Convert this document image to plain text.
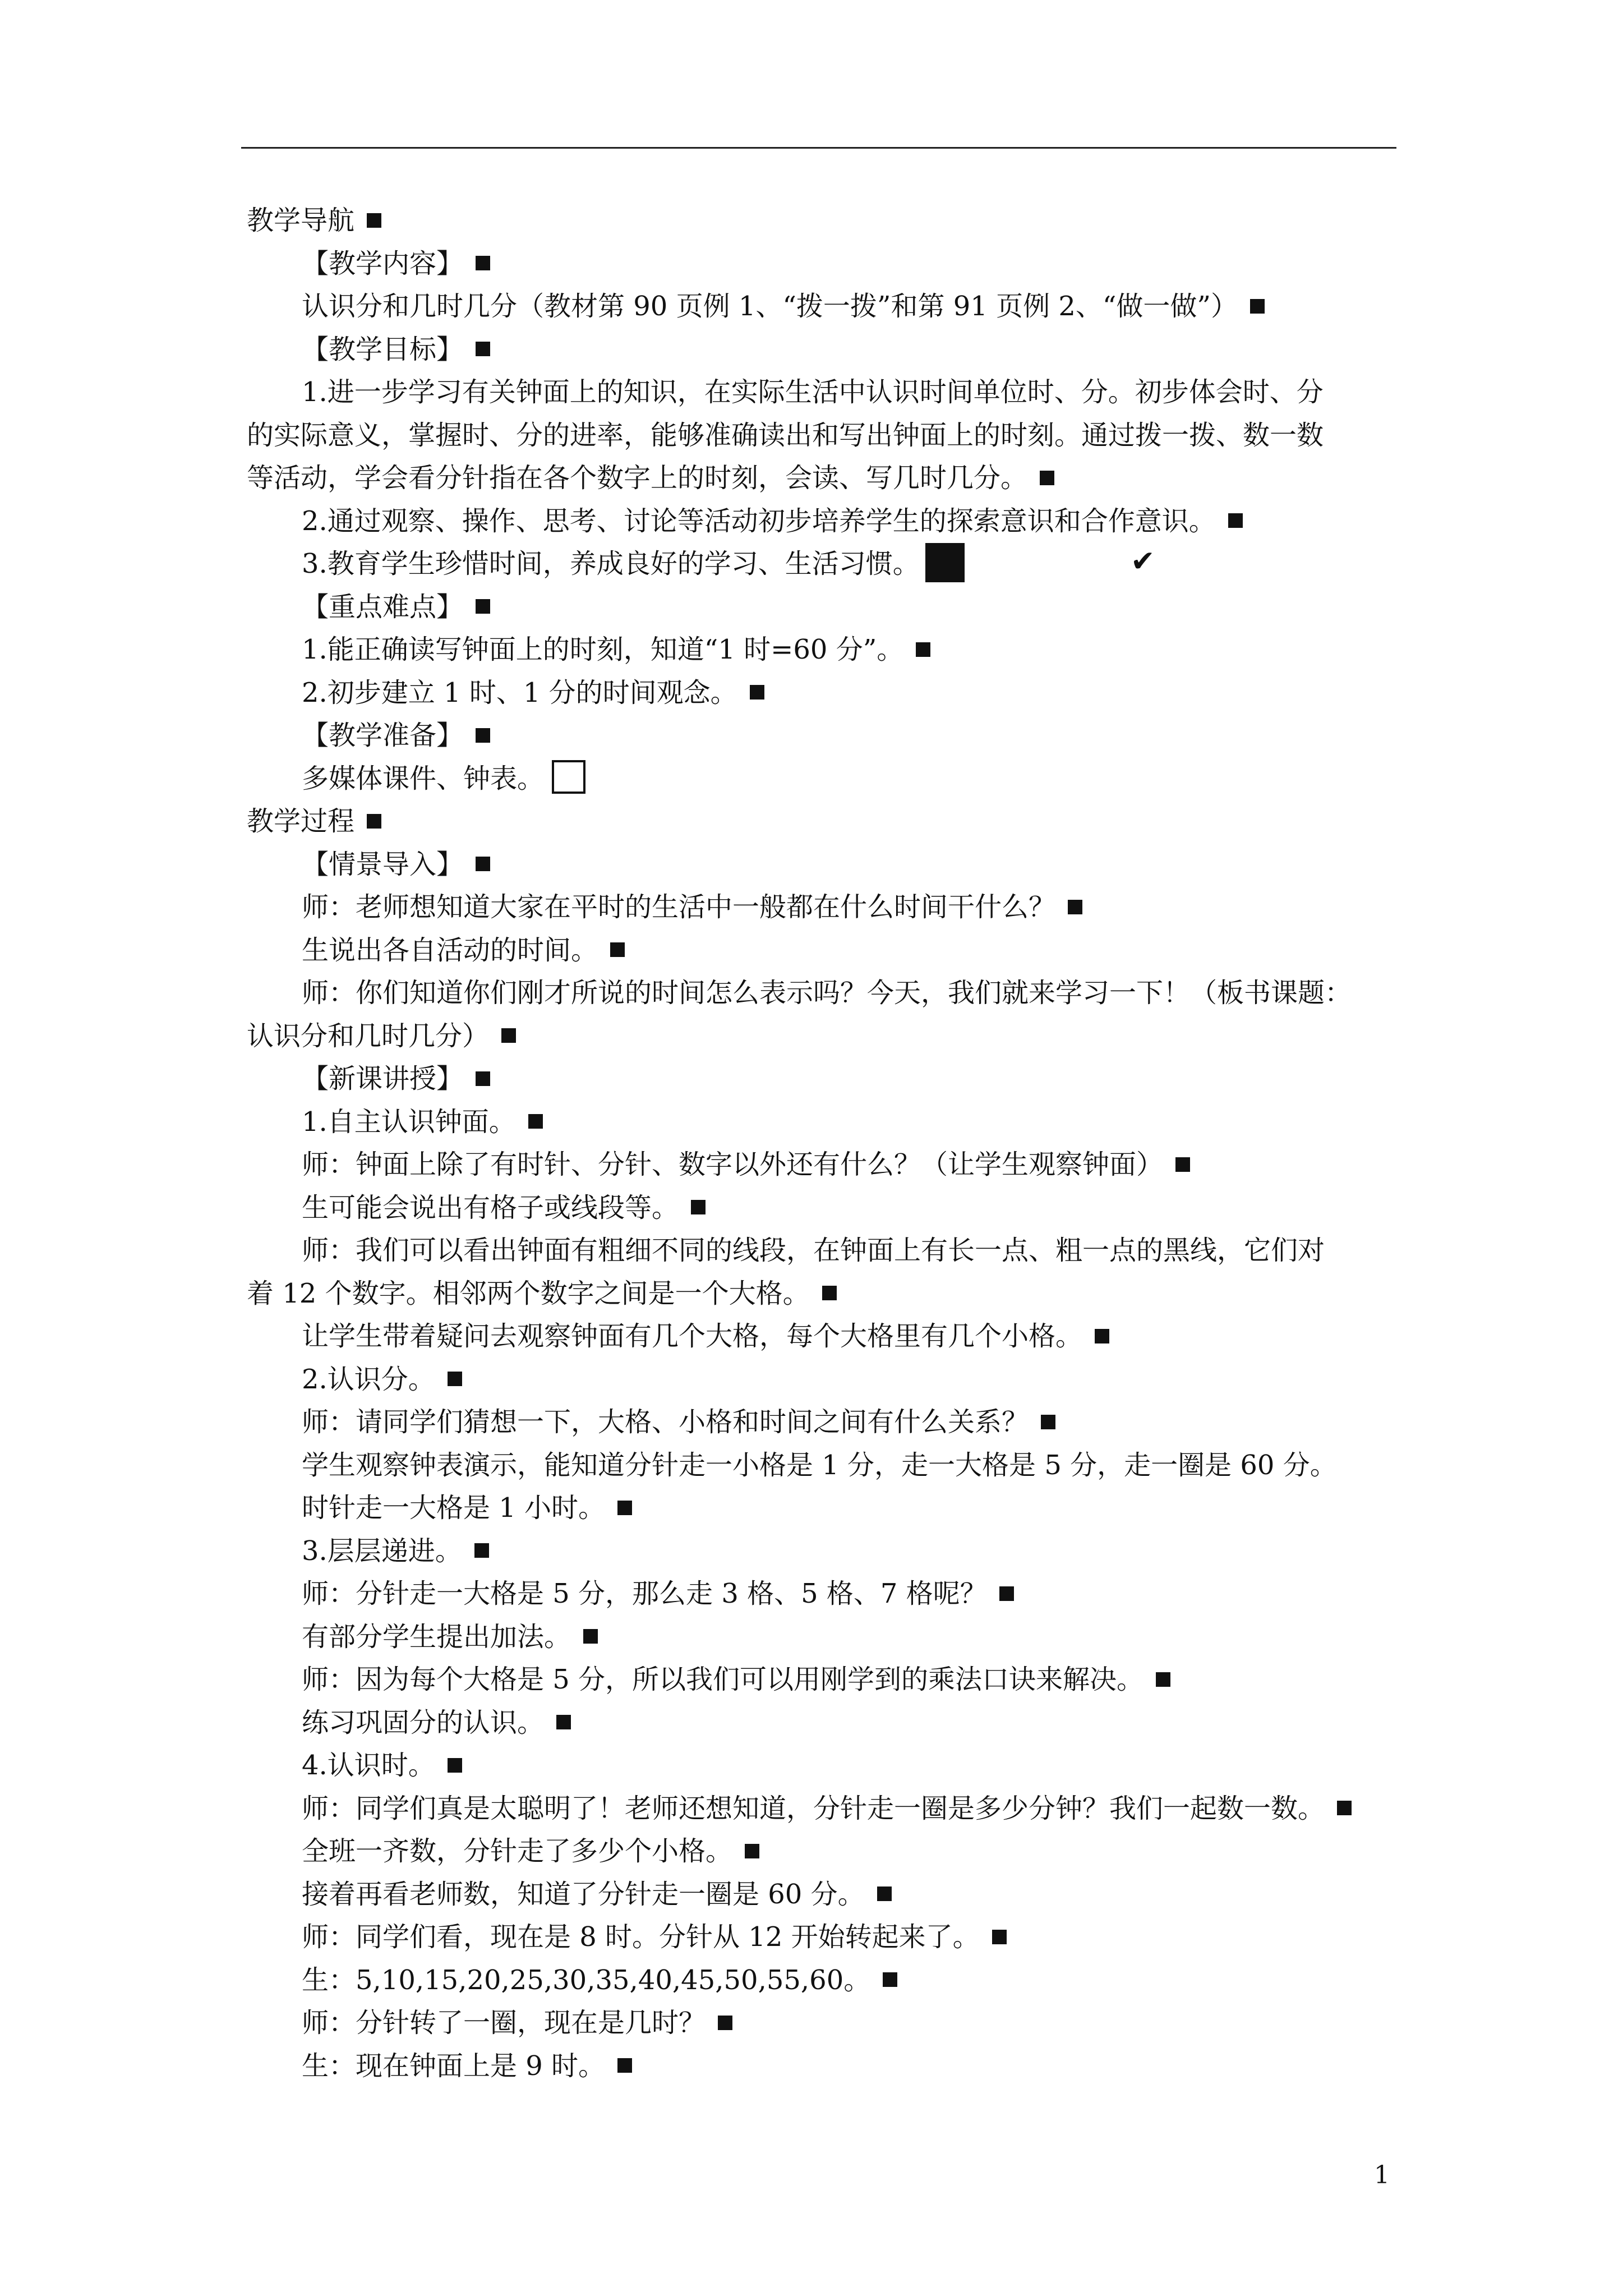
教学导航
【教学内容】
认识分和几时几分（教材第 90 页例 1、“拨一拨”和第 91 页例 2、“做一做”）
【教学目标】
1.进一步学习有关钟面上的知识，在实际生活中认识时间单位时、分。初步体会时、分
的实际意义，掌握时、分的进率，能够准确读出和写出钟面上的时刻。通过拨一拨、数一数
等活动，学会看分针指在各个数字上的时刻，会读、写几时几分。
2.通过观察、操作、思考、讨论等活动初步培养学生的探索意识和合作意识。
3.教育学生珍惜时间，养成良好的学习、生活习惯。	✔
【重点难点】
1.能正确读写钟面上的时刻，知道“1 时=60 分”。
2.初步建立 1 时、1 分的时间观念。
【教学准备】
多媒体课件、钟表。
教学过程
【情景导入】
师：老师想知道大家在平时的生活中一般都在什么时间干什么？
生说出各自活动的时间。
师：你们知道你们刚才所说的时间怎么表示吗？今天，我们就来学习一下！（板书课题：
认识分和几时几分）
【新课讲授】
1.自主认识钟面。
师：钟面上除了有时针、分针、数字以外还有什么？（让学生观察钟面）
生可能会说出有格子或线段等。
师：我们可以看出钟面有粗细不同的线段，在钟面上有长一点、粗一点的黑线，它们对
着 12 个数字。相邻两个数字之间是一个大格。
让学生带着疑问去观察钟面有几个大格，每个大格里有几个小格。
2.认识分。
师：请同学们猜想一下，大格、小格和时间之间有什么关系？
学生观察钟表演示，能知道分针走一小格是 1 分，走一大格是 5 分，走一圈是 60 分。
时针走一大格是 1 小时。
3.层层递进。
师：分针走一大格是 5 分，那么走 3 格、5 格、7 格呢？
有部分学生提出加法。
师：因为每个大格是 5 分，所以我们可以用刚学到的乘法口诀来解决。
练习巩固分的认识。
4.认识时。
师：同学们真是太聪明了！老师还想知道，分针走一圈是多少分钟？我们一起数一数。
全班一齐数，分针走了多少个小格。
接着再看老师数，知道了分针走一圈是 60 分。
师：同学们看，现在是 8 时。分针从 12 开始转起来了。
生：5,10,15,20,25,30,35,40,45,50,55,60。
师：分针转了一圈，现在是几时？
生：现在钟面上是 9 时。
1
